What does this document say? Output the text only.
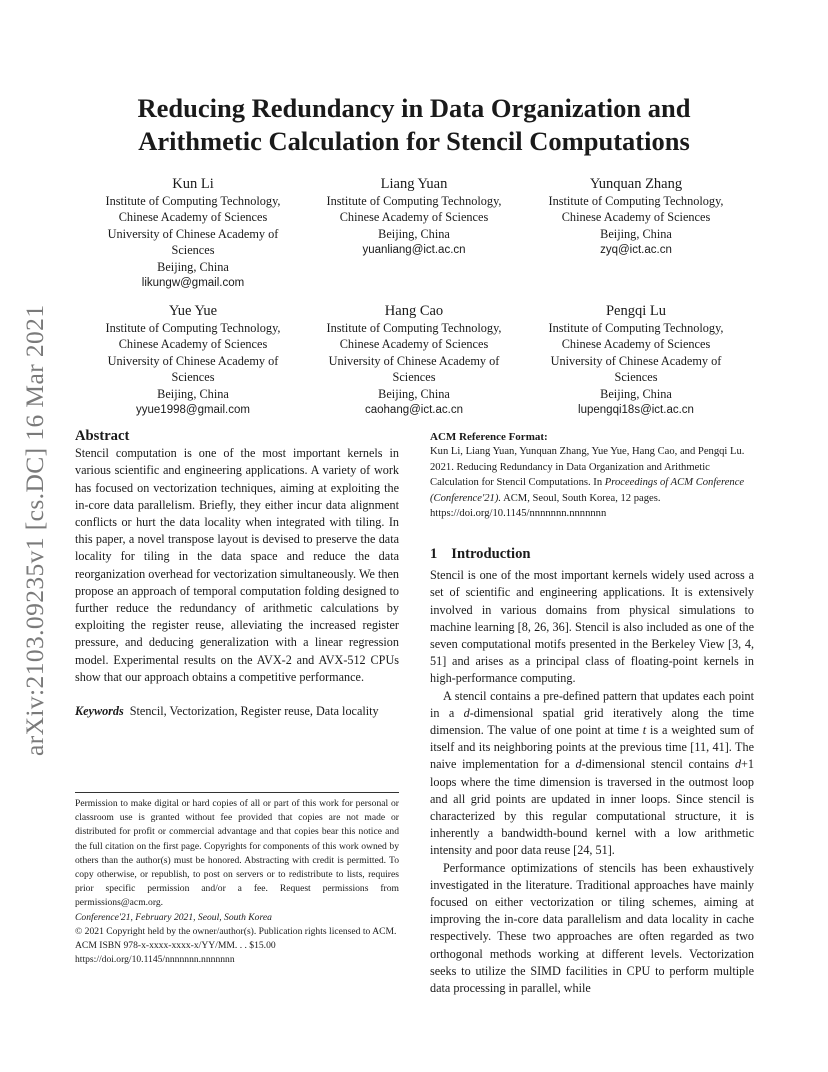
arXiv:2103.09235v1 [cs.DC] 16 Mar 2021
Reducing Redundancy in Data Organization and
Arithmetic Calculation for Stencil Computations
Kun Li
Institute of Computing Technology,
Chinese Academy of Sciences
University of Chinese Academy of
Sciences
Beijing, China
likungw@gmail.com
Liang Yuan
Institute of Computing Technology,
Chinese Academy of Sciences
Beijing, China
yuanliang@ict.ac.cn
Yunquan Zhang
Institute of Computing Technology,
Chinese Academy of Sciences
Beijing, China
zyq@ict.ac.cn
Yue Yue
Institute of Computing Technology,
Chinese Academy of Sciences
University of Chinese Academy of
Sciences
Beijing, China
yyue1998@gmail.com
Hang Cao
Institute of Computing Technology,
Chinese Academy of Sciences
University of Chinese Academy of
Sciences
Beijing, China
caohang@ict.ac.cn
Pengqi Lu
Institute of Computing Technology,
Chinese Academy of Sciences
University of Chinese Academy of
Sciences
Beijing, China
lupengqi18s@ict.ac.cn
Abstract

Stencil computation is one of the most important kernels in various scientific and engineering applications. A variety of work has focused on vectorization techniques, aiming at exploiting the in-core data parallelism. Briefly, they either incur data alignment conflicts or hurt the data locality when integrated with tiling. In this paper, a novel transpose layout is devised to preserve the data locality for tiling in the data space and reduce the data reorganization overhead for vectorization simultaneously. We then propose an approach of temporal computation folding designed to further reduce the redundancy of arithmetic calculations by exploiting the register reuse, alleviating the increased register pressure, and deducing generalization with a linear regression model. Experimental results on the AVX-2 and AVX-512 CPUs show that our approach obtains a competitive performance.

Keywords Stencil, Vectorization, Register reuse, Data locality

Permission to make digital or hard copies of all or part of this work for personal or classroom use is granted without fee provided that copies are not made or distributed for profit or commercial advantage and that copies bear this notice and the full citation on the first page. Copyrights for components of this work owned by others than the author(s) must be honored. Abstracting with credit is permitted. To copy otherwise, or republish, to post on servers or to redistribute to lists, requires prior specific permission and/or a fee. Request permissions from permissions@acm.org.

Conference'21, February 2021, Seoul, South Korea

© 2021 Copyright held by the owner/author(s). Publication rights licensed to ACM.

ACM ISBN 978-x-xxxx-xxxx-x/YY/MM. . . $15.00

https://doi.org/10.1145/nnnnnnn.nnnnnnn

ACM Reference Format:

Kun Li, Liang Yuan, Yunquan Zhang, Yue Yue, Hang Cao, and Pengqi Lu. 2021. Reducing Redundancy in Data Organization and Arithmetic Calculation for Stencil Computations. In Proceedings of ACM Conference (Conference'21). ACM, Seoul, South Korea, 12 pages. https://doi.org/10.1145/nnnnnnn.nnnnnnn

1 Introduction

Stencil is one of the most important kernels widely used across a set of scientific and engineering applications. It is extensively involved in various domains from physical simulations to machine learning [8, 26, 36]. Stencil is also included as one of the seven computational motifs presented in the Berkeley View [3, 4, 51] and arises as a principal class of floating-point kernels in high-performance computing.

A stencil contains a pre-defined pattern that updates each point in a d-dimensional spatial grid iteratively along the time dimension. The value of one point at time t is a weighted sum of itself and its neighboring points at the previous time [11, 41]. The naive implementation for a d-dimensional stencil contains d+1 loops where the time dimension is traversed in the outmost loop and all grid points are updated in inner loops. Since stencil is characterized by this regular computational structure, it is inherently a bandwidth-bound kernel with a low arithmetic intensity and poor data reuse [24, 51].

Performance optimizations of stencils has been exhaustively investigated in the literature. Traditional approaches have mainly focused on either vectorization or tiling schemes, aiming at improving the in-core data parallelism and data locality in cache respectively. These two approaches are often regarded as two orthogonal methods working at different levels. Vectorization seeks to utilize the SIMD facilities in CPU to perform multiple data processing in parallel, while
